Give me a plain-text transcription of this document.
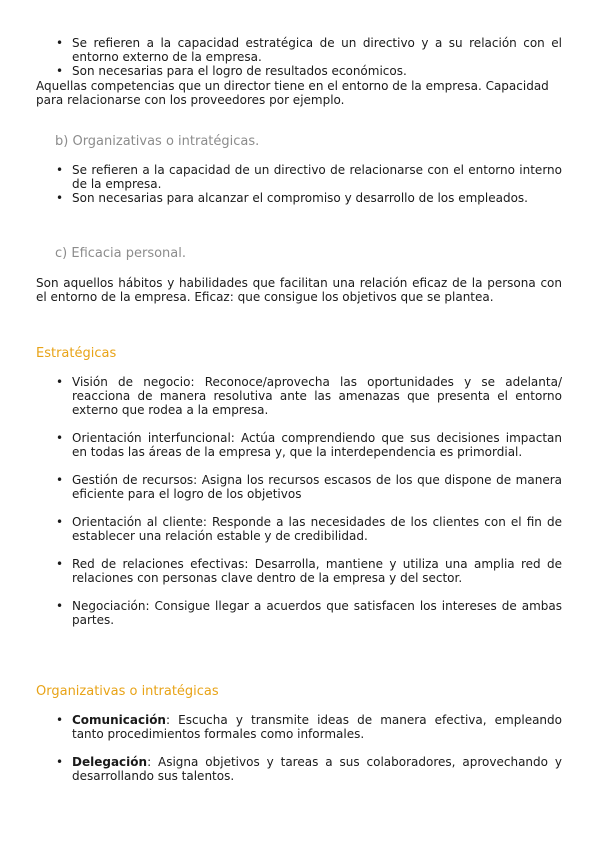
• Se refieren a la capacidad estratégica de un directivo y a su relación con el entorno externo de la empresa.
• Son necesarias para el logro de resultados económicos.

Aquellas competencias que un director tiene en el entorno de la empresa. Capacidad para relacionarse con los proveedores por ejemplo.

b) Organizativas o intratégicas.
• Se refieren a la capacidad de un directivo de relacionarse con el entorno interno de la empresa.
• Son necesarias para alcanzar el compromiso y desarrollo de los empleados.
c) Eficacia personal.

Son aquellos hábitos y habilidades que facilitan una relación eficaz de la persona con el entorno de la empresa. Eficaz: que consigue los objetivos que se plantea.

Estratégicas
• Visión de negocio: Reconoce/aprovecha las oportunidades y se adelanta/ reacciona de manera resolutiva ante las amenazas que presenta el entorno externo que rodea a la empresa.
• Orientación interfuncional: Actúa comprendiendo que sus decisiones impactan en todas las áreas de la empresa y, que la interdependencia es primordial.
• Gestión de recursos: Asigna los recursos escasos de los que dispone de manera eficiente para el logro de los objetivos
• Orientación al cliente: Responde a las necesidades de los clientes con el fin de establecer una relación estable y de credibilidad.
• Red de relaciones efectivas: Desarrolla, mantiene y utiliza una amplia red de relaciones con personas clave dentro de la empresa y del sector.
• Negociación: Consigue llegar a acuerdos que satisfacen los intereses de ambas partes.
Organizativas o intratégicas
• Comunicación: Escucha y transmite ideas de manera efectiva, empleando tanto procedimientos formales como informales.
• Delegación: Asigna objetivos y tareas a sus colaboradores, aprovechando y desarrollando sus talentos.
